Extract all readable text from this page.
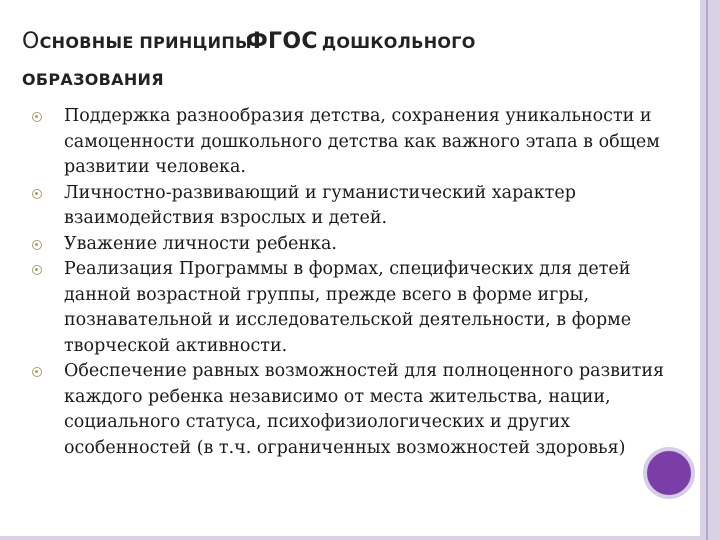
ОСНОВНЫЕ ПРИНЦИПЫФГОС ДОШКОЛЬНОГО
ОБРАЗОВАНИЯ
Поддержка разнообразия детства, сохранения уникальности и самоценности дошкольного детства как важного этапа в общем развитии человека.
Личностно-развивающий и гуманистический характер взаимодействия взрослых и детей.
Уважение личности ребенка.
Реализация Программы в формах, специфических для детей данной возрастной группы, прежде всего в форме игры, познавательной и исследовательской деятельности, в форме творческой активности.
Обеспечение равных возможностей для полноценного развития каждого ребенка независимо от места жительства, нации, социального статуса, психофизиологических и других особенностей (в т.ч. ограниченных возможностей здоровья)
